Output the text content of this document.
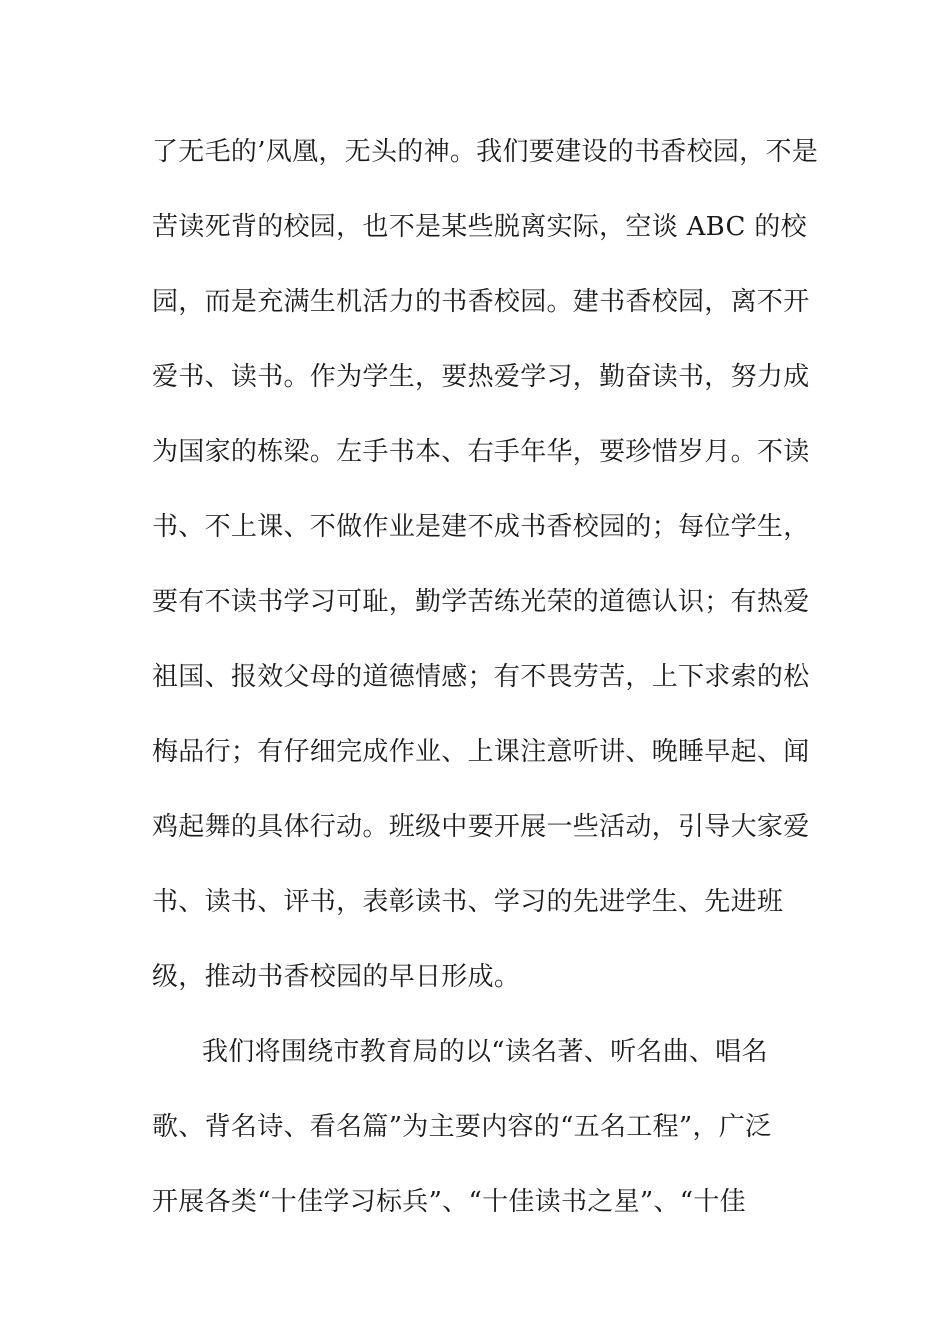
了无毛的’凤凰，无头的神。我们要建设的书香校园，不是

苦读死背的校园，也不是某些脱离实际，空谈 ABC 的校

园，而是充满生机活力的书香校园。建书香校园，离不开

爱书、读书。作为学生，要热爱学习，勤奋读书，努力成

为国家的栋梁。左手书本、右手年华，要珍惜岁月。不读

书、不上课、不做作业是建不成书香校园的；每位学生，

要有不读书学习可耻，勤学苦练光荣的道德认识；有热爱

祖国、报效父母的道德情感；有不畏劳苦，上下求索的松

梅品行；有仔细完成作业、上课注意听讲、晚睡早起、闻

鸡起舞的具体行动。班级中要开展一些活动，引导大家爱

书、读书、评书，表彰读书、学习的先进学生、先进班

级，推动书香校园的早日形成。

我们将围绕市教育局的以“读名著、听名曲、唱名

歌、背名诗、看名篇”为主要内容的“五名工程”，广泛

开展各类“十佳学习标兵”、“十佳读书之星”、“十佳
